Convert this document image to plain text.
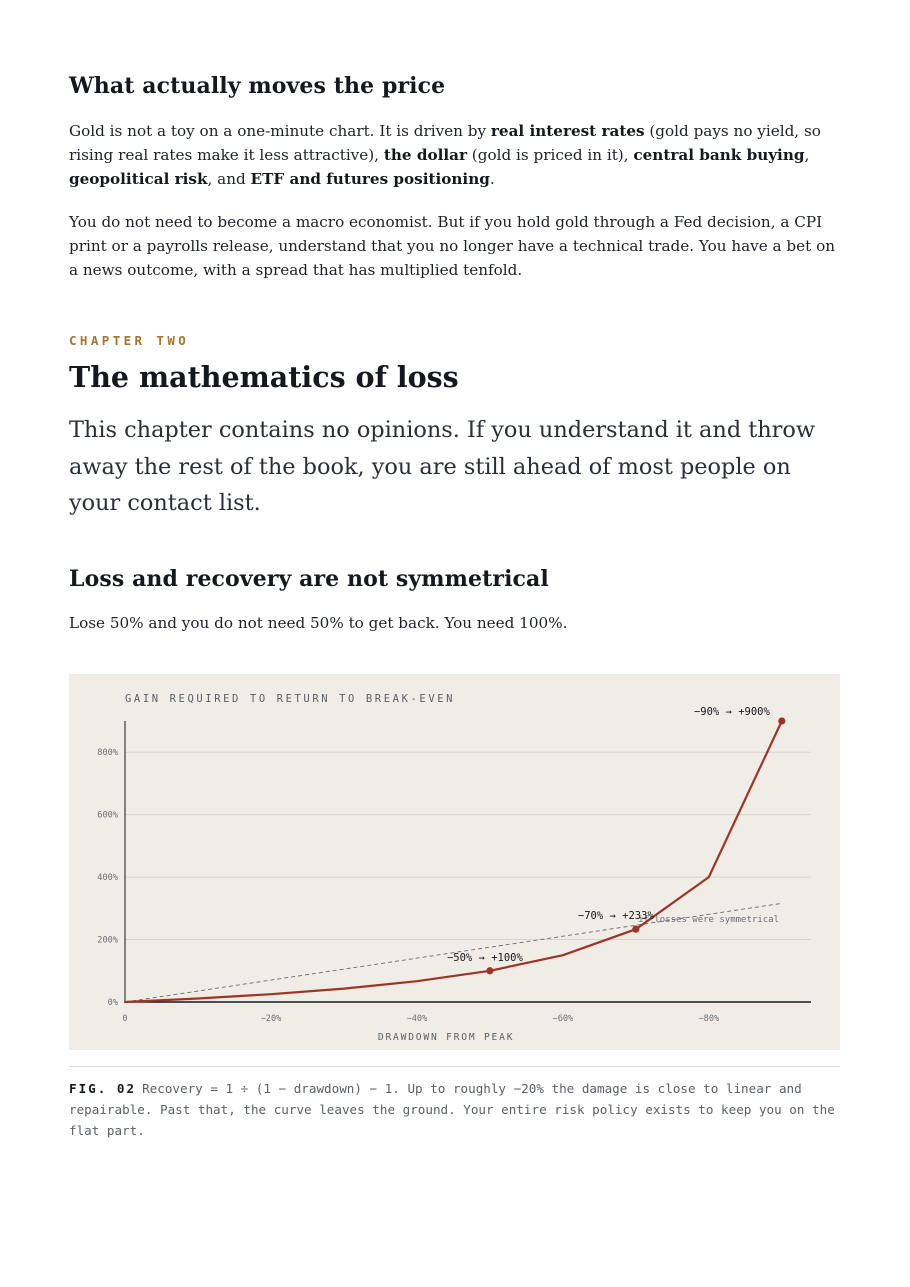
What actually moves the price

Gold is not a toy on a one-minute chart. It is driven by real interest rates (gold pays no yield, so rising real rates make it less attractive), the dollar (gold is priced in it), central bank buying, geopolitical risk, and ETF and futures positioning.

You do not need to become a macro economist. But if you hold gold through a Fed decision, a CPI print or a payrolls release, understand that you no longer have a technical trade. You have a bet on a news outcome, with a spread that has multiplied tenfold.

CHAPTER TWO
The mathematics of loss

This chapter contains no opinions. If you understand it and throw away the rest of the book, you are still ahead of most people on your contact list.

Loss and recovery are not symmetrical

Lose 50% and you do not need 50% to get back. You need 100%.

GAIN REQUIRED TO RETURN TO BREAK-EVEN
0%
200%
400%
600%
800%
0	−20%	−40%	−60%	−80%
DRAWDOWN FROM PEAK
if losses were symmetrical
−50% → +100%
−70% → +233%
−90% → +900%

FIG. 02 Recovery = 1 ÷ (1 − drawdown) − 1. Up to roughly −20% the damage is close to linear and repairable. Past that, the curve leaves the ground. Your entire risk policy exists to keep you on the flat part.
